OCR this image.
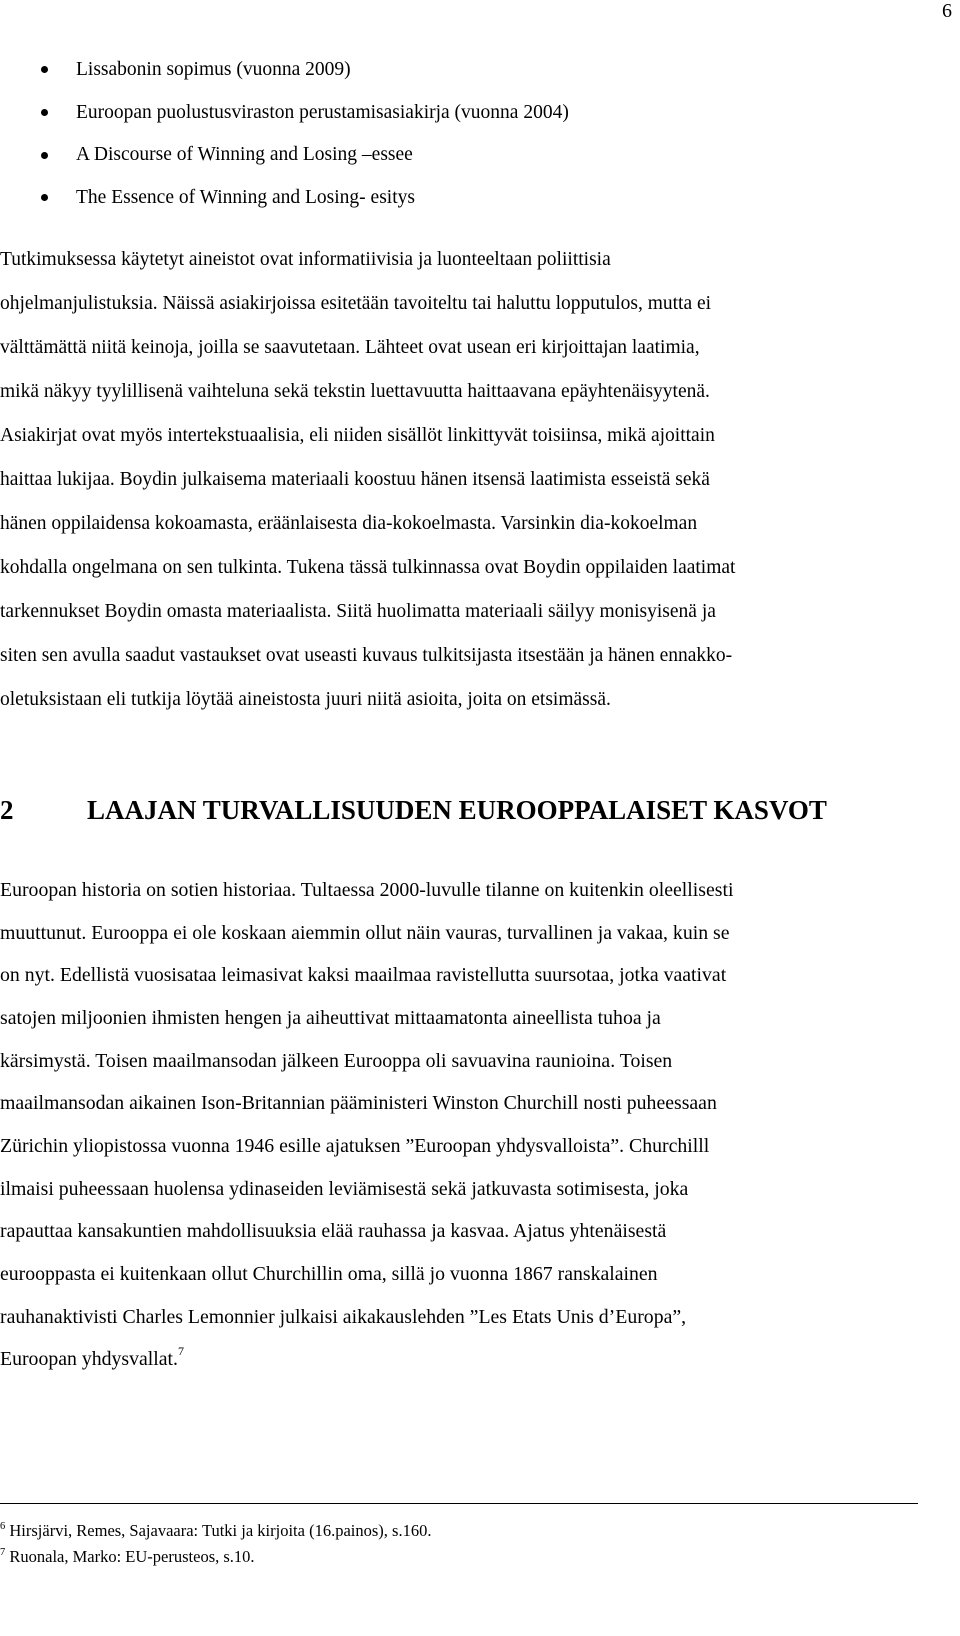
6
Lissabonin sopimus (vuonna 2009)
Euroopan puolustusviraston perustamisasiakirja (vuonna 2004)
A Discourse of Winning and Losing –essee
The Essence of Winning and Losing- esitys

Tutkimuksessa käytetyt aineistot ovat informatiivisia ja luonteeltaan poliittisia
ohjelmanjulistuksia. Näissä asiakirjoissa esitetään tavoiteltu tai haluttu lopputulos, mutta ei
välttämättä niitä keinoja, joilla se saavutetaan. Lähteet ovat usean eri kirjoittajan laatimia,
mikä näkyy tyylillisenä vaihteluna sekä tekstin luettavuutta haittaavana epäyhtenäisyytenä.
Asiakirjat ovat myös intertekstuaalisia, eli niiden sisällöt linkittyvät toisiinsa, mikä ajoittain
haittaa lukijaa. Boydin julkaisema materiaali koostuu hänen itsensä laatimista esseistä sekä
hänen oppilaidensa kokoamasta, eräänlaisesta dia-kokoelmasta. Varsinkin dia-kokoelman
kohdalla ongelmana on sen tulkinta. Tukena tässä tulkinnassa ovat Boydin oppilaiden laatimat
tarkennukset Boydin omasta materiaalista. Siitä huolimatta materiaali säilyy monisyisenä ja
siten sen avulla saadut vastaukset ovat useasti kuvaus tulkitsijasta itsestään ja hänen ennakko-
oletuksistaan eli tutkija löytää aineistosta juuri niitä asioita, joita on etsimässä.

2	LAAJAN TURVALLISUUDEN EUROOPPALAISET KASVOT

Euroopan historia on sotien historiaa. Tultaessa 2000-luvulle tilanne on kuitenkin oleellisesti
muuttunut. Eurooppa ei ole koskaan aiemmin ollut näin vauras, turvallinen ja vakaa, kuin se
on nyt. Edellistä vuosisataa leimasivat kaksi maailmaa ravistellutta suursotaa, jotka vaativat
satojen miljoonien ihmisten hengen ja aiheuttivat mittaamatonta aineellista tuhoa ja
kärsimystä. Toisen maailmansodan jälkeen Eurooppa oli savuavina raunioina. Toisen
maailmansodan aikainen Ison-Britannian pääministeri Winston Churchill nosti puheessaan
Zürichin yliopistossa vuonna 1946 esille ajatuksen ”Euroopan yhdysvalloista”. Churchilll
ilmaisi puheessaan huolensa ydinaseiden leviämisestä sekä jatkuvasta sotimisesta, joka
rapauttaa kansakuntien mahdollisuuksia elää rauhassa ja kasvaa. Ajatus yhtenäisestä
eurooppasta ei kuitenkaan ollut Churchillin oma, sillä jo vuonna 1867 ranskalainen
rauhanaktivisti Charles Lemonnier julkaisi aikakauslehden ”Les Etats Unis d’Europa”,
Euroopan yhdysvallat.$^7$

$^6$ Hirsjärvi, Remes, Sajavaara: Tutki ja kirjoita (16.painos), s.160.
$^7$ Ruonala, Marko: EU-perusteos, s.10.
